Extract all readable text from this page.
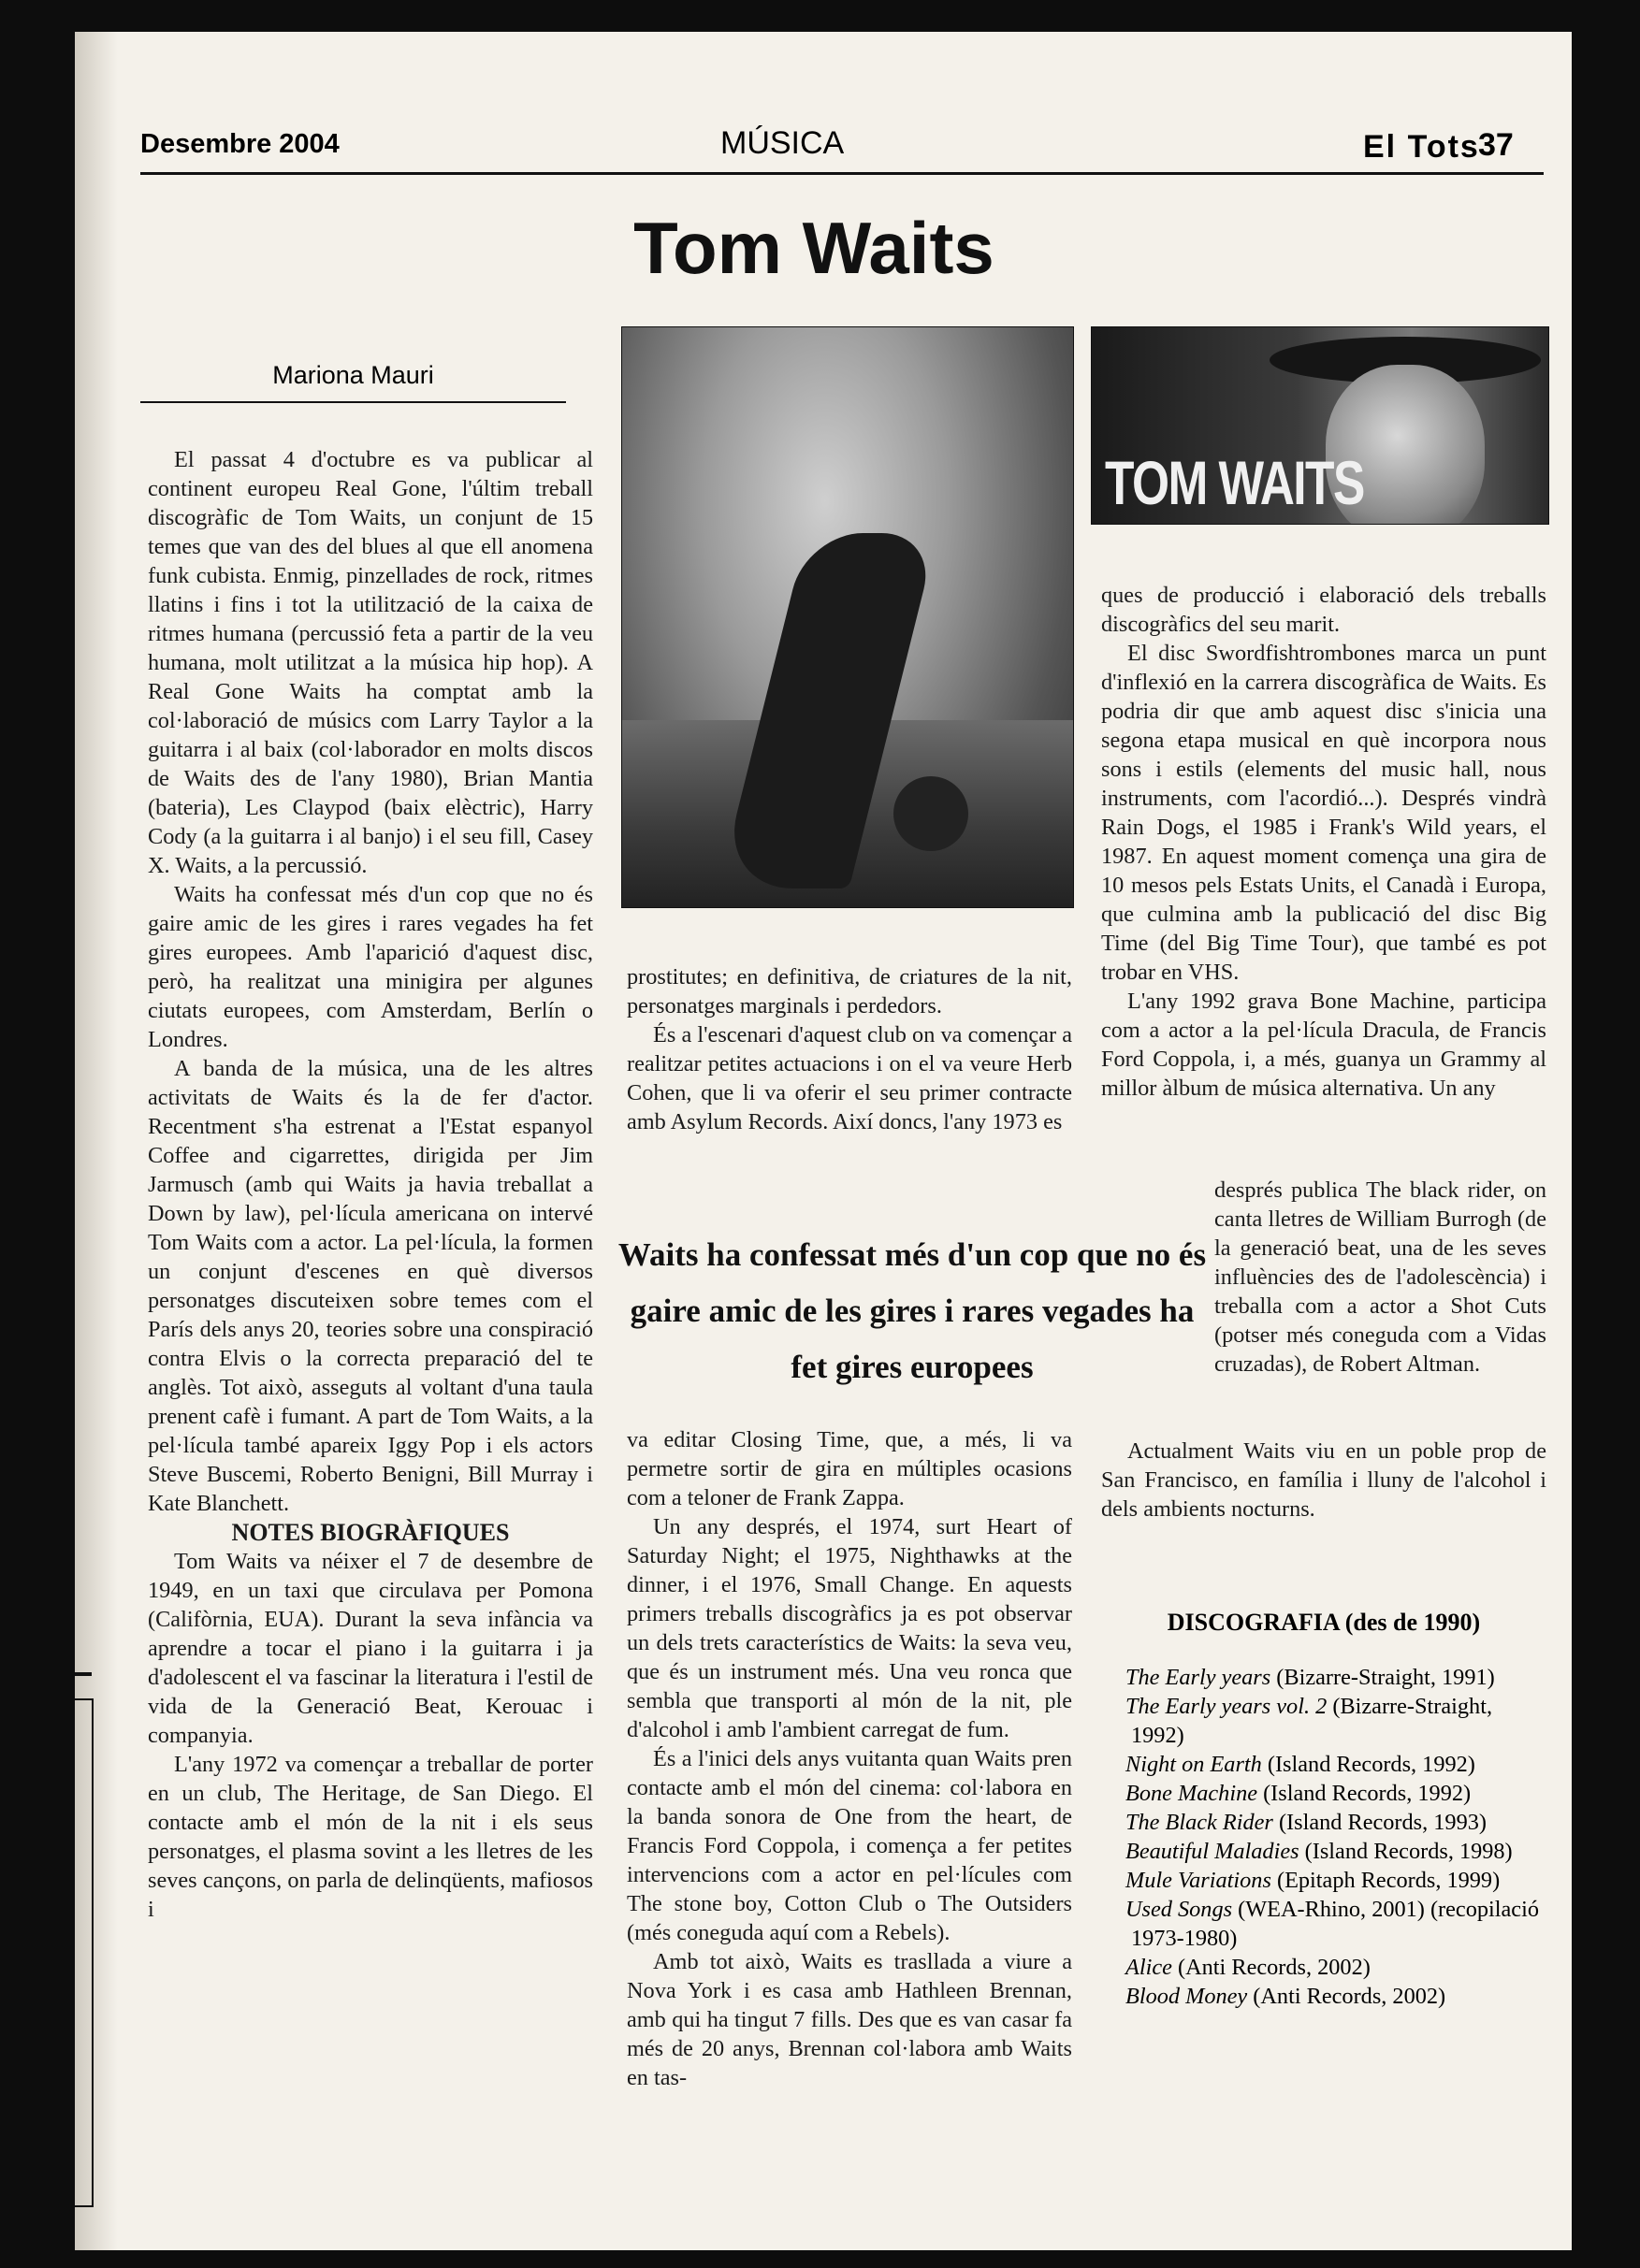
Desembre 2004	MÚSICA	El Tots
37
Tom Waits
Mariona Mauri
TOM WAITS

El passat 4 d'octubre es va publicar al continent europeu Real Gone, l'últim treball discogràfic de Tom Waits, un conjunt de 15 temes que van des del blues al que ell anomena funk cubista. Enmig, pinzellades de rock, ritmes llatins i fins i tot la utilització de la caixa de ritmes humana (percussió feta a partir de la veu humana, molt utilitzat a la música hip hop). A Real Gone Waits ha comptat amb la col·laboració de músics com Larry Taylor a la guitarra i al baix (col·laborador en molts discos de Waits des de l'any 1980), Brian Mantia (bateria), Les Claypod (baix elèctric), Harry Cody (a la guitarra i al banjo) i el seu fill, Casey X. Waits, a la percussió.

Waits ha confessat més d'un cop que no és gaire amic de les gires i rares vegades ha fet gires europees. Amb l'aparició d'aquest disc, però, ha realitzat una minigira per algunes ciutats europees, com Amsterdam, Berlín o Londres.

A banda de la música, una de les altres activitats de Waits és la de fer d'actor. Recentment s'ha estrenat a l'Estat espanyol Coffee and cigarrettes, dirigida per Jim Jarmusch (amb qui Waits ja havia treballat a Down by law), pel·lícula americana on intervé Tom Waits com a actor. La pel·lícula, la formen un conjunt d'escenes en què diversos personatges discuteixen sobre temes com el París dels anys 20, teories sobre una conspiració contra Elvis o la correcta preparació del te anglès. Tot això, asseguts al voltant d'una taula prenent cafè i fumant. A part de Tom Waits, a la pel·lícula també apareix Iggy Pop i els actors Steve Buscemi, Roberto Benigni, Bill Murray i Kate Blanchett.

NOTES BIOGRÀFIQUES

Tom Waits va néixer el 7 de desembre de 1949, en un taxi que circulava per Pomona (Califòrnia, EUA). Durant la seva infància va aprendre a tocar el piano i la guitarra i ja d'adolescent el va fascinar la literatura i l'estil de vida de la Generació Beat, Kerouac i companyia.

L'any 1972 va començar a treballar de porter en un club, The Heritage, de San Diego. El contacte amb el món de la nit i els seus personatges, el plasma sovint a les lletres de les seves cançons, on parla de delinqüents, mafiosos i

prostitutes; en definitiva, de criatures de la nit, personatges marginals i perdedors.

És a l'escenari d'aquest club on va començar a realitzar petites actuacions i on el va veure Herb Cohen, que li va oferir el seu primer contracte amb Asylum Records. Així doncs, l'any 1973 es

Waits ha confessat més d'un cop que no és gaire amic de les gires i rares vegades ha fet gires europees

va editar Closing Time, que, a més, li va permetre sortir de gira en múltiples ocasions com a teloner de Frank Zappa.

Un any després, el 1974, surt Heart of Saturday Night; el 1975, Nighthawks at the dinner, i el 1976, Small Change. En aquests primers treballs discogràfics ja es pot observar un dels trets característics de Waits: la seva veu, que és un instrument més. Una veu ronca que sembla que transporti al món de la nit, ple d'alcohol i amb l'ambient carregat de fum.

És a l'inici dels anys vuitanta quan Waits pren contacte amb el món del cinema: col·labora en la banda sonora de One from the heart, de Francis Ford Coppola, i comença a fer petites intervencions com a actor en pel·lícules com The stone boy, Cotton Club o The Outsiders (més coneguda aquí com a Rebels).

Amb tot això, Waits es trasllada a viure a Nova York i es casa amb Hathleen Brennan, amb qui ha tingut 7 fills. Des que es van casar fa més de 20 anys, Brennan col·labora amb Waits en tas-

ques de producció i elaboració dels treballs discogràfics del seu marit.

El disc Swordfishtrombones marca un punt d'inflexió en la carrera discogràfica de Waits. Es podria dir que amb aquest disc s'inicia una segona etapa musical en què incorpora nous sons i estils (elements del music hall, nous instruments, com l'acordió...). Després vindrà Rain Dogs, el 1985 i Frank's Wild years, el 1987. En aquest moment comença una gira de 10 mesos pels Estats Units, el Canadà i Europa, que culmina amb la publicació del disc Big Time (del Big Time Tour), que també es pot trobar en VHS.

L'any 1992 grava Bone Machine, participa com a actor a la pel·lícula Dracula, de Francis Ford Coppola, i, a més, guanya un Grammy al millor àlbum de música alternativa. Un any

després publica The black rider, on canta lletres de William Burrogh (de la generació beat, una de les seves influències des de l'adolescència) i treballa com a actor a Shot Cuts (potser més coneguda com a Vidas cruzadas), de Robert Altman.

Actualment Waits viu en un poble prop de San Francisco, en família i lluny de l'alcohol i dels ambients nocturns.

DISCOGRAFIA (des de 1990)
The Early years (Bizarre-Straight, 1991)
The Early years vol. 2 (Bizarre-Straight, 1992)
Night on Earth (Island Records, 1992)
Bone Machine (Island Records, 1992)
The Black Rider (Island Records, 1993)
Beautiful Maladies (Island Records, 1998)
Mule Variations (Epitaph Records, 1999)
Used Songs (WEA-Rhino, 2001) (recopilació 1973-1980)
Alice (Anti Records, 2002)
Blood Money (Anti Records, 2002)
